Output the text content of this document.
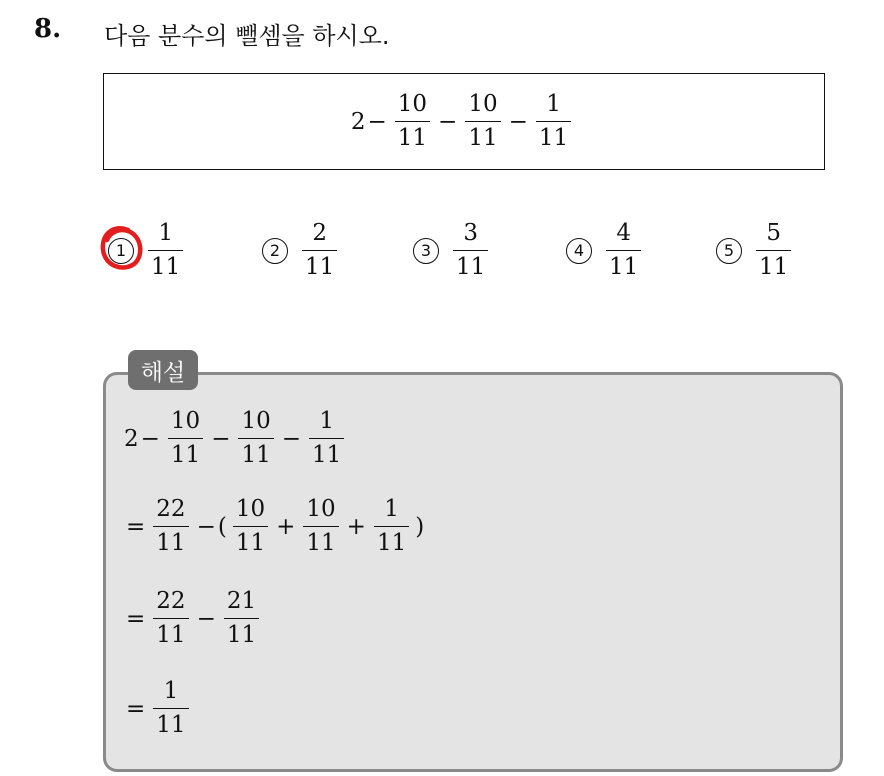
8. 다음 분수의 뺄셈을 하시오.
$2 - \frac{10}{11} - \frac{10}{11} - \frac{1}{11}$
$1 \frac{1}{11}$	$2 \frac{2}{11}$	$3 \frac{3}{11}$	$4 \frac{4}{11}$	$5 \frac{5}{11}$
해설
$2 - \frac{10}{11} - \frac{10}{11} - \frac{1}{11}$
= $\frac{22}{11}$ − ( $\frac{10}{11} + \frac{10}{11} + \frac{1}{11}$ )
= $\frac{22}{11} - \frac{21}{11}$
= $\frac{1}{11}$
